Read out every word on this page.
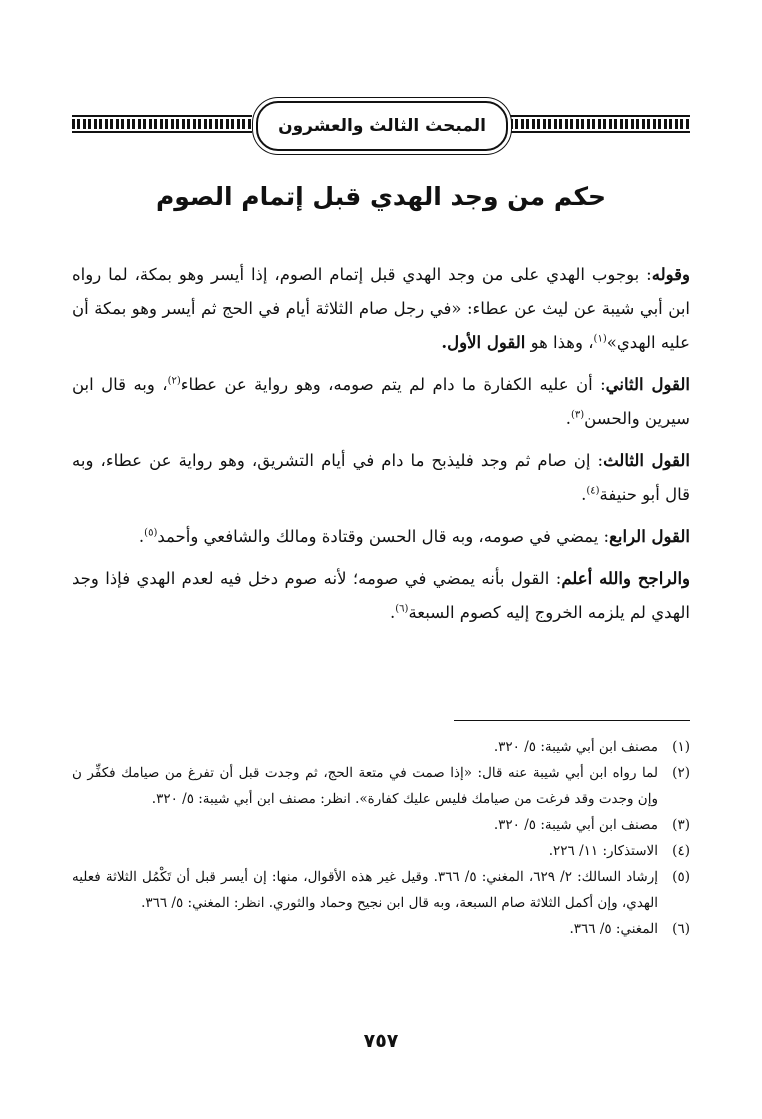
المبحث الثالث والعشرون
حكم من وجد الهدي قبل إتمام الصوم

وقوله: بوجوب الهدي على من وجد الهدي قبل إتمام الصوم، إذا أيسر وهو بمكة، لما رواه ابن أبي شيبة عن ليث عن عطاء: «في رجل صام الثلاثة أيام في الحج ثم أيسر وهو بمكة أن عليه الهدي»$^{(١)}$، وهذا هو القول الأول.

القول الثاني: أن عليه الكفارة ما دام لم يتم صومه، وهو رواية عن عطاء$^{(٢)}$، وبه قال ابن سيرين والحسن$^{(٣)}$.

القول الثالث: إن صام ثم وجد فليذبح ما دام في أيام التشريق، وهو رواية عن عطاء، وبه قال أبو حنيفة$^{(٤)}$.

القول الرابع: يمضي في صومه، وبه قال الحسن وقتادة ومالك والشافعي وأحمد$^{(٥)}$.

والراجح والله أعلم: القول بأنه يمضي في صومه؛ لأنه صوم دخل فيه لعدم الهدي فإذا وجد الهدي لم يلزمه الخروج إليه كصوم السبعة$^{(٦)}$.

(١)
مصنف ابن أبي شيبة: ٥/ ٣٢٠.
(٢)
لما رواه ابن أبي شيبة عنه قال: «إذا صمت في متعة الحج، ثم وجدت قبل أن تفرغ من صيامك فكفِّر ن وإن وجدت وقد فرغت من صيامك فليس عليك كفارة». انظر: مصنف ابن أبي شيبة: ٥/ ٣٢٠.
(٣)
مصنف ابن أبي شيبة: ٥/ ٣٢٠.
(٤)
الاستذكار: ١١/ ٢٢٦.
(٥)
إرشاد السالك: ٢/ ٦٢٩، المغني: ٥/ ٣٦٦. وقيل غير هذه الأقوال، منها: إن أيسر قبل أن تَكْمُل الثلاثة فعليه الهدي، وإن أكمل الثلاثة صام السبعة، وبه قال ابن نجيح وحماد والثوري. انظر: المغني: ٥/ ٣٦٦.
(٦)
المغني: ٥/ ٣٦٦.
٧٥٧
